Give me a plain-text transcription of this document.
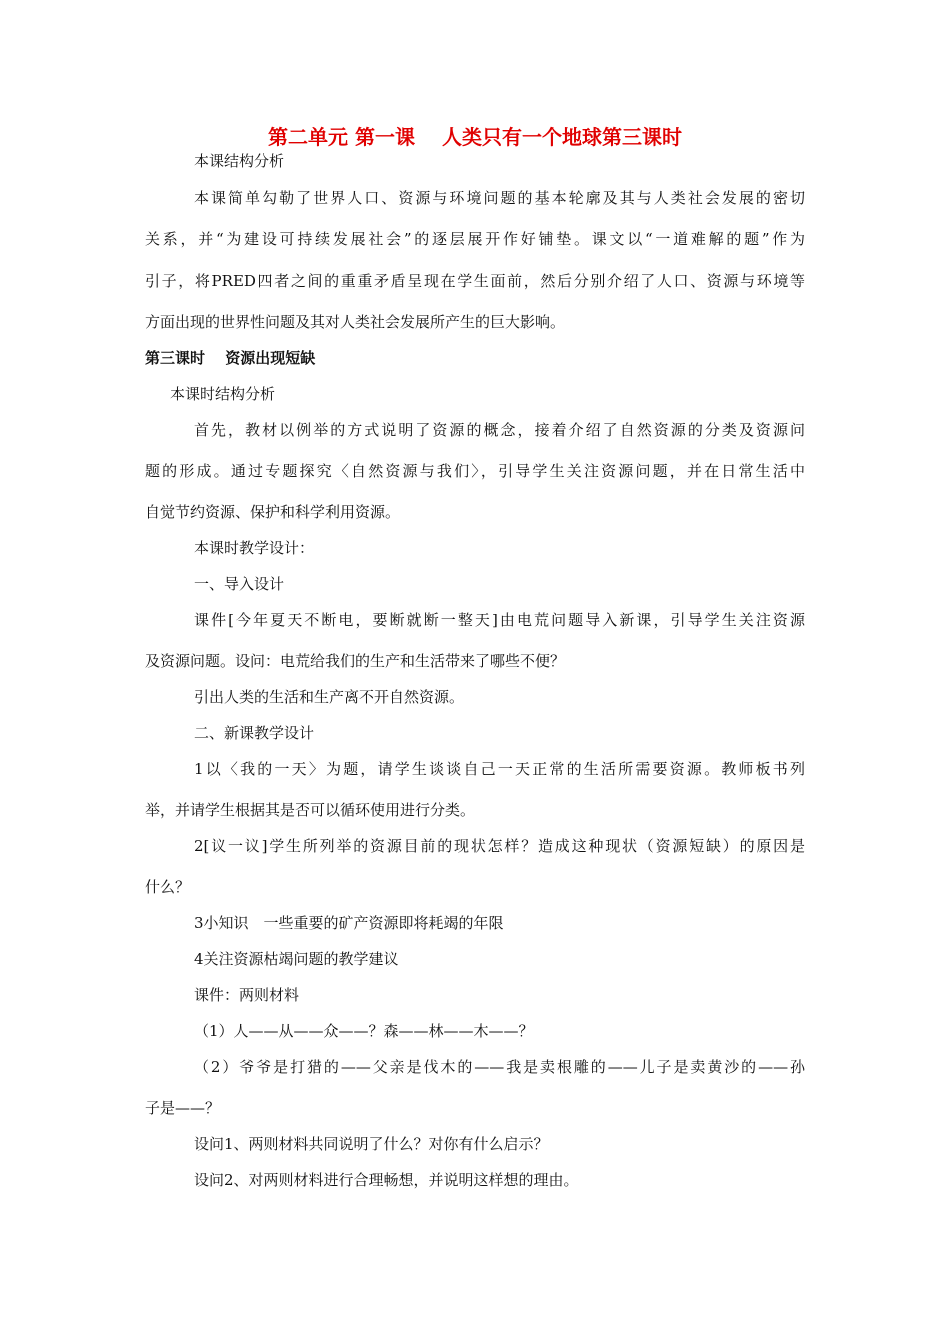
第二单元 第一课　 人类只有一个地球第三课时
本课结构分析
本课简单勾勒了世界人口、资源与环境问题的基本轮廓及其与人类社会发展的密切
关系，并“为建设可持续发展社会”的逐层展开作好铺垫。课文以“一道难解的题”作为
引子，将PRED四者之间的重重矛盾呈现在学生面前，然后分别介绍了人口、资源与环境等
方面出现的世界性问题及其对人类社会发展所产生的巨大影响。
第三课时　 资源出现短缺
本课时结构分析
首先，教材以例举的方式说明了资源的概念，接着介绍了自然资源的分类及资源问
题的形成。通过专题探究〈自然资源与我们〉，引导学生关注资源问题，并在日常生活中
自觉节约资源、保护和科学利用资源。
本课时教学设计：
一、导入设计
课件[今年夏天不断电，要断就断一整天]由电荒问题导入新课，引导学生关注资源
及资源问题。设问：电荒给我们的生产和生活带来了哪些不便？
引出人类的生活和生产离不开自然资源。
二、新课教学设计
1以〈我的一天〉为题，请学生谈谈自己一天正常的生活所需要资源。教师板书列
举，并请学生根据其是否可以循环使用进行分类。
2[议一议]学生所列举的资源目前的现状怎样？造成这种现状（资源短缺）的原因是
什么？
3小知识　一些重要的矿产资源即将耗竭的年限
4关注资源枯竭问题的教学建议
课件：两则材料
（1）人——从——众——？森——林——木——？
（2）爷爷是打猎的——父亲是伐木的——我是卖根雕的——儿子是卖黄沙的——孙
子是——？
设问1、两则材料共同说明了什么？对你有什么启示？
设问2、对两则材料进行合理畅想，并说明这样想的理由。
